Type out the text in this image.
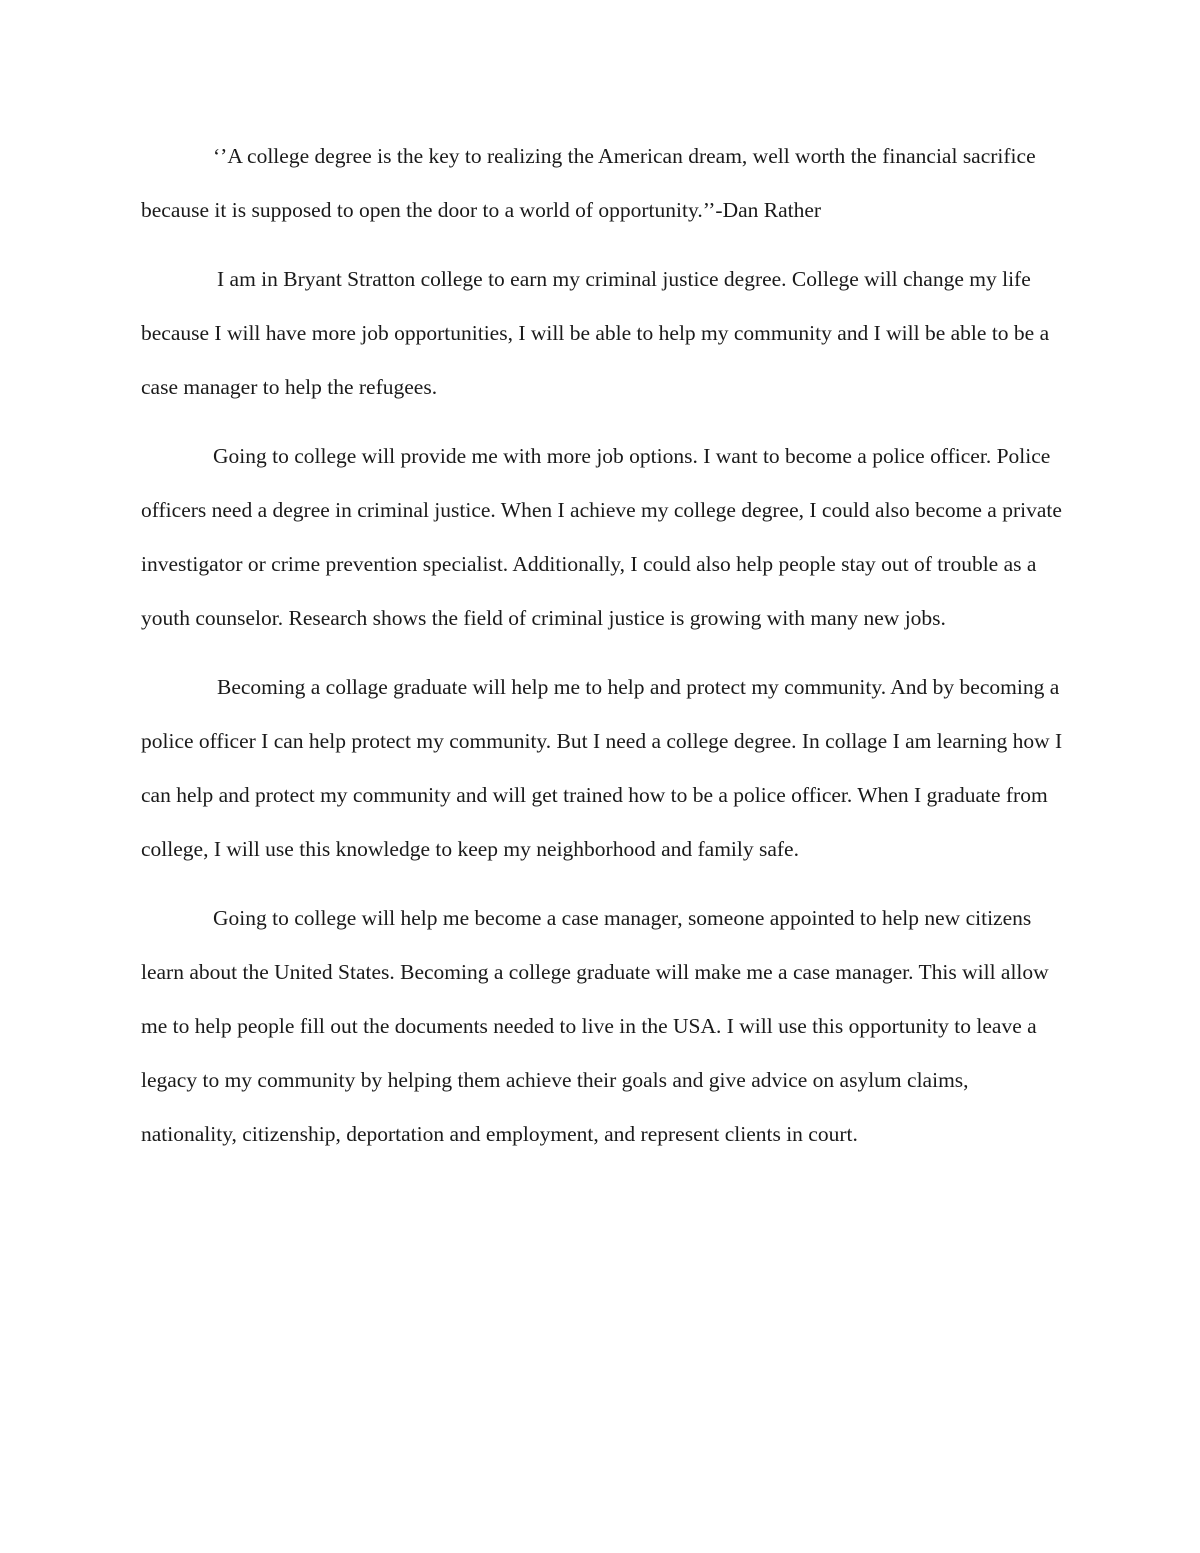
‘’A college degree is the key to realizing the American dream, well worth the financial sacrifice because it is supposed to open the door to a world of opportunity.’’-Dan Rather

I am in Bryant Stratton college to earn my criminal justice degree. College will change my life because I will have more job opportunities, I will be able to help my community and I will be able to be a case manager to help the refugees.

Going to college will provide me with more job options. I want to become a police officer. Police officers need a degree in criminal justice. When I achieve my college degree, I could also become a private investigator or crime prevention specialist. Additionally, I could also help people stay out of trouble as a youth counselor. Research shows the field of criminal justice is growing with many new jobs.

Becoming a collage graduate will help me to help and protect my community. And by becoming a police officer I can help protect my community. But I need a college degree. In collage I am learning how I can help and protect my community and will get trained how to be a police officer. When I graduate from college, I will use this knowledge to keep my neighborhood and family safe.

Going to college will help me become a case manager, someone appointed to help new citizens learn about the United States. Becoming a college graduate will make me a case manager. This will allow me to help people fill out the documents needed to live in the USA. I will use this opportunity to leave a legacy to my community by helping them achieve their goals and give advice on asylum claims, nationality, citizenship, deportation and employment, and represent clients in court.
